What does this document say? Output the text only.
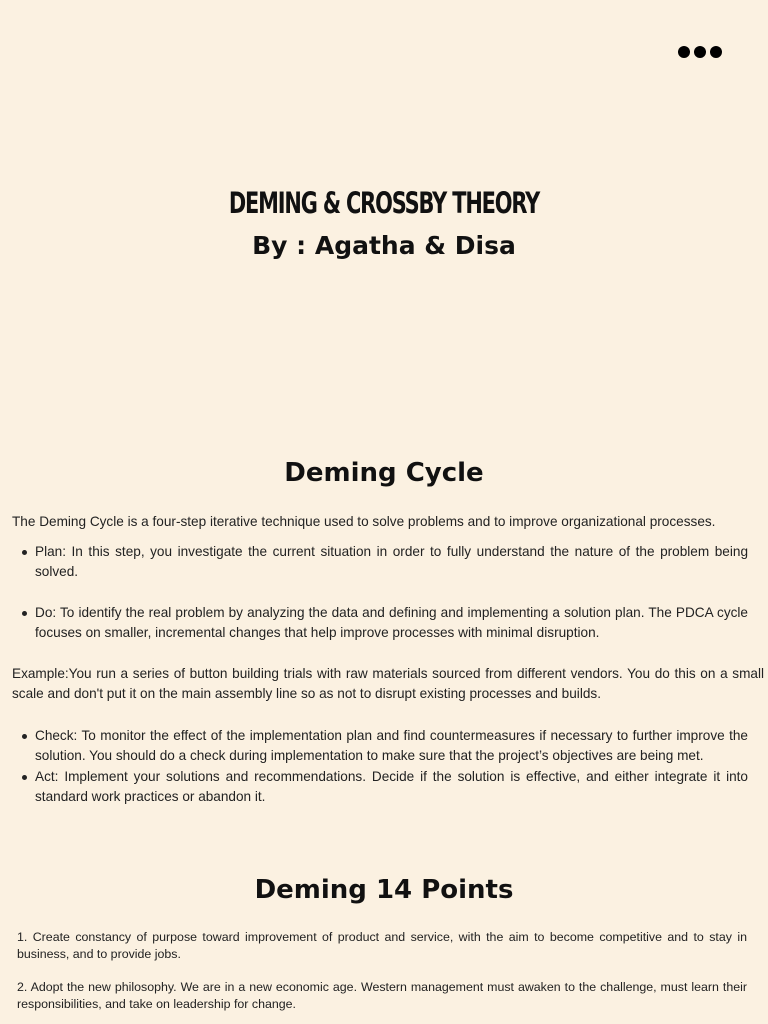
DEMING & CROSSBY THEORY
By : Agatha & Disa
Deming Cycle
The Deming Cycle is a four-step iterative technique used to solve problems and to improve organizational processes.
Plan: In this step, you investigate the current situation in order to fully understand the nature of the problem being solved.
Do: To identify the real problem by analyzing the data and defining and implementing a solution plan. The PDCA cycle focuses on smaller, incremental changes that help improve processes with minimal disruption.
Example:You run a series of button building trials with raw materials sourced from different vendors. You do this on a small scale and don't put it on the main assembly line so as not to disrupt existing processes and builds.
Check: To monitor the effect of the implementation plan and find countermeasures if necessary to further improve the solution. You should do a check during implementation to make sure that the project’s objectives are being met.
Act: Implement your solutions and recommendations. Decide if the solution is effective, and either integrate it into standard work practices or abandon it.
Deming 14 Points
1. Create constancy of purpose toward improvement of product and service, with the aim to become competitive and to stay in business, and to provide jobs.
2. Adopt the new philosophy. We are in a new economic age. Western management must awaken to the challenge, must learn their responsibilities, and take on leadership for change.
